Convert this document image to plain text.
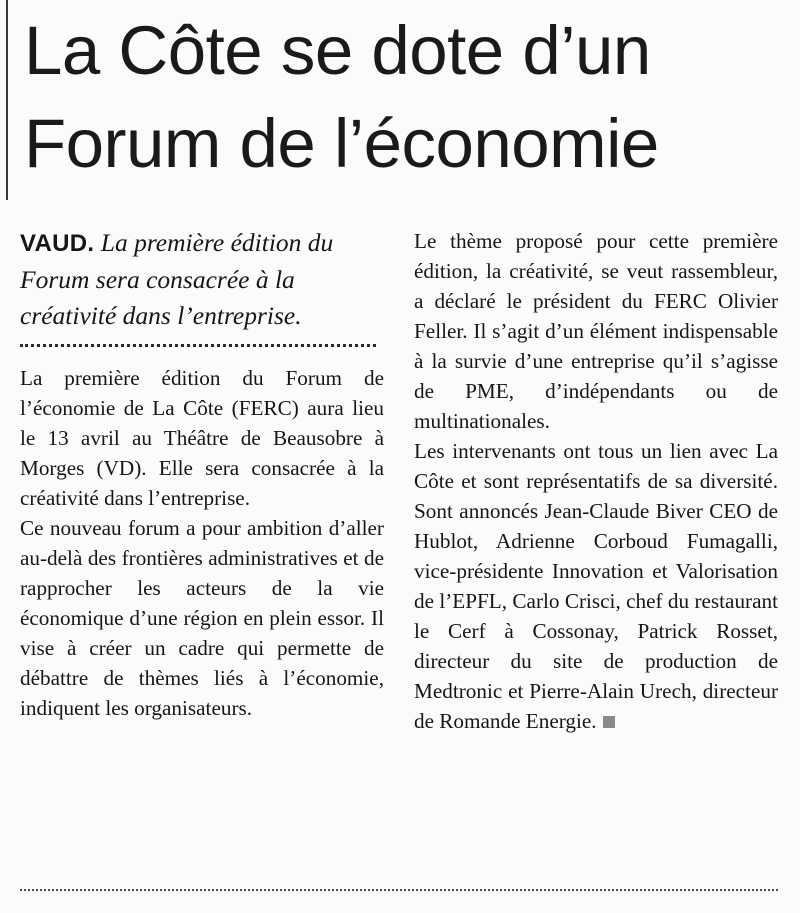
La Côte se dote d’un
Forum de l’économie

VAUD. La première édition du Forum sera consacrée à la créativité dans l’entreprise.

La première édition du Forum de l’économie de La Côte (FERC) aura lieu le 13 avril au Théâtre de Beausobre à Morges (VD). Elle sera consacrée à la créativité dans l’entreprise.

Ce nouveau forum a pour ambition d’aller au-delà des frontières administratives et de rapprocher les acteurs de la vie économique d’une région en plein essor. Il vise à créer un cadre qui permette de débattre de thèmes liés à l’économie, indiquent les organisateurs.

Le thème proposé pour cette première édition, la créativité, se veut rassembleur, a déclaré le président du FERC Olivier Feller. Il s’agit d’un élément indispensable à la survie d’une entreprise qu’il s’agisse de PME, d’indépendants ou de multinationales.

Les intervenants ont tous un lien avec La Côte et sont représentatifs de sa diversité. Sont annoncés Jean-Claude Biver CEO de Hublot, Adrienne Corboud Fumagalli, vice-présidente Innovation et Valorisation de l’EPFL, Carlo Crisci, chef du restaurant le Cerf à Cossonay, Patrick Rosset, directeur du site de production de Medtronic et Pierre-Alain Urech, directeur de Romande Energie.
